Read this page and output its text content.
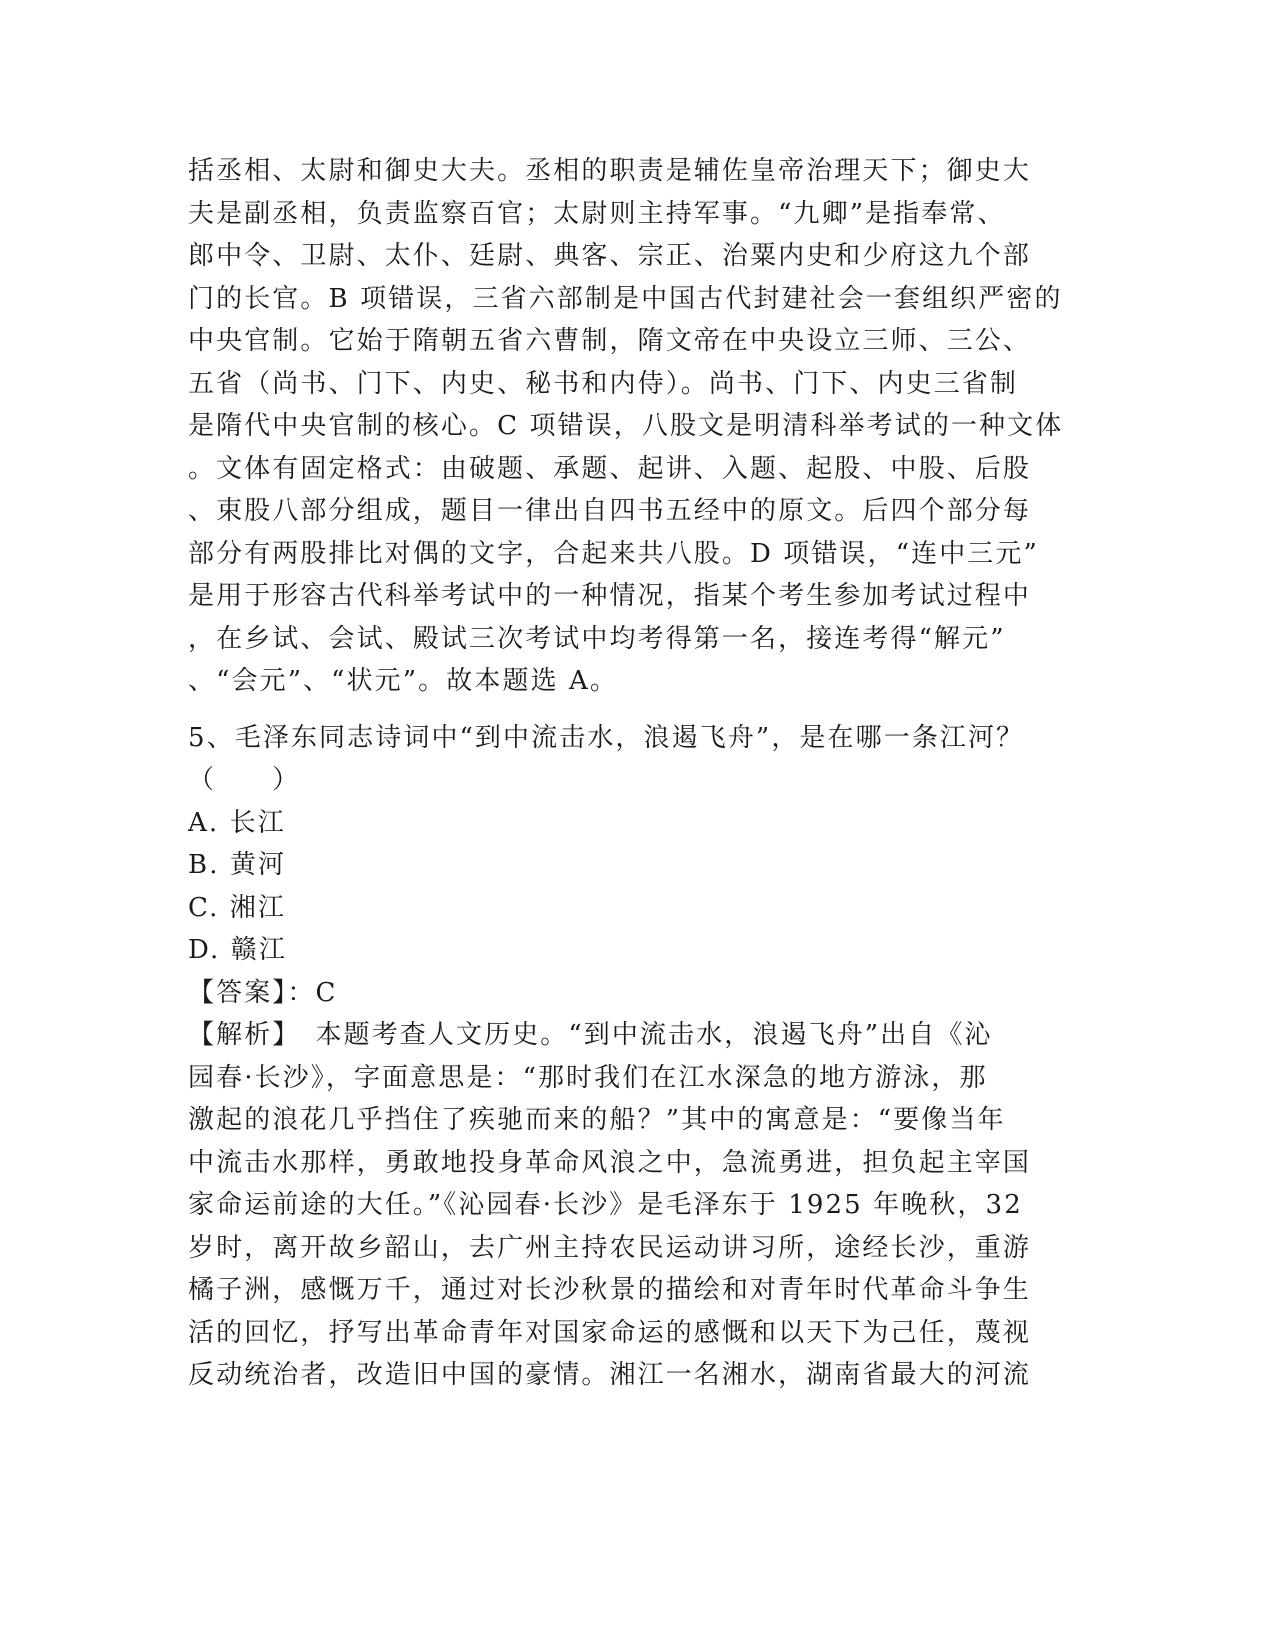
括丞相、太尉和御史大夫。丞相的职责是辅佐皇帝治理天下；御史大
夫是副丞相，负责监察百官；太尉则主持军事。“九卿”是指奉常、
郎中令、卫尉、太仆、廷尉、典客、宗正、治粟内史和少府这九个部
门的长官。B 项错误，三省六部制是中国古代封建社会一套组织严密的
中央官制。它始于隋朝五省六曹制，隋文帝在中央设立三师、三公、
五省（尚书、门下、内史、秘书和内侍）。尚书、门下、内史三省制
是隋代中央官制的核心。C 项错误，八股文是明清科举考试的一种文体
。文体有固定格式：由破题、承题、起讲、入题、起股、中股、后股
、束股八部分组成，题目一律出自四书五经中的原文。后四个部分每
部分有两股排比对偶的文字，合起来共八股。D 项错误，“连中三元”
是用于形容古代科举考试中的一种情况，指某个考生参加考试过程中
，在乡试、会试、殿试三次考试中均考得第一名，接连考得“解元”
、“会元”、“状元”。故本题选 A。
5、毛泽东同志诗词中“到中流击水，浪遏飞舟”，是在哪一条江河？
（　　）
A. 长江
B. 黄河
C. 湘江
D. 赣江
【答案】：C
【解析】　本题考查人文历史。“到中流击水，浪遏飞舟”出自《沁
园春·长沙》，字面意思是：“那时我们在江水深急的地方游泳，那
激起的浪花几乎挡住了疾驰而来的船？”其中的寓意是：“要像当年
中流击水那样，勇敢地投身革命风浪之中，急流勇进，担负起主宰国
家命运前途的大任。”《沁园春·长沙》是毛泽东于 1925 年晚秋，32
岁时，离开故乡韶山，去广州主持农民运动讲习所，途经长沙，重游
橘子洲，感慨万千，通过对长沙秋景的描绘和对青年时代革命斗争生
活的回忆，抒写出革命青年对国家命运的感慨和以天下为己任，蔑视
反动统治者，改造旧中国的豪情。湘江一名湘水，湖南省最大的河流
